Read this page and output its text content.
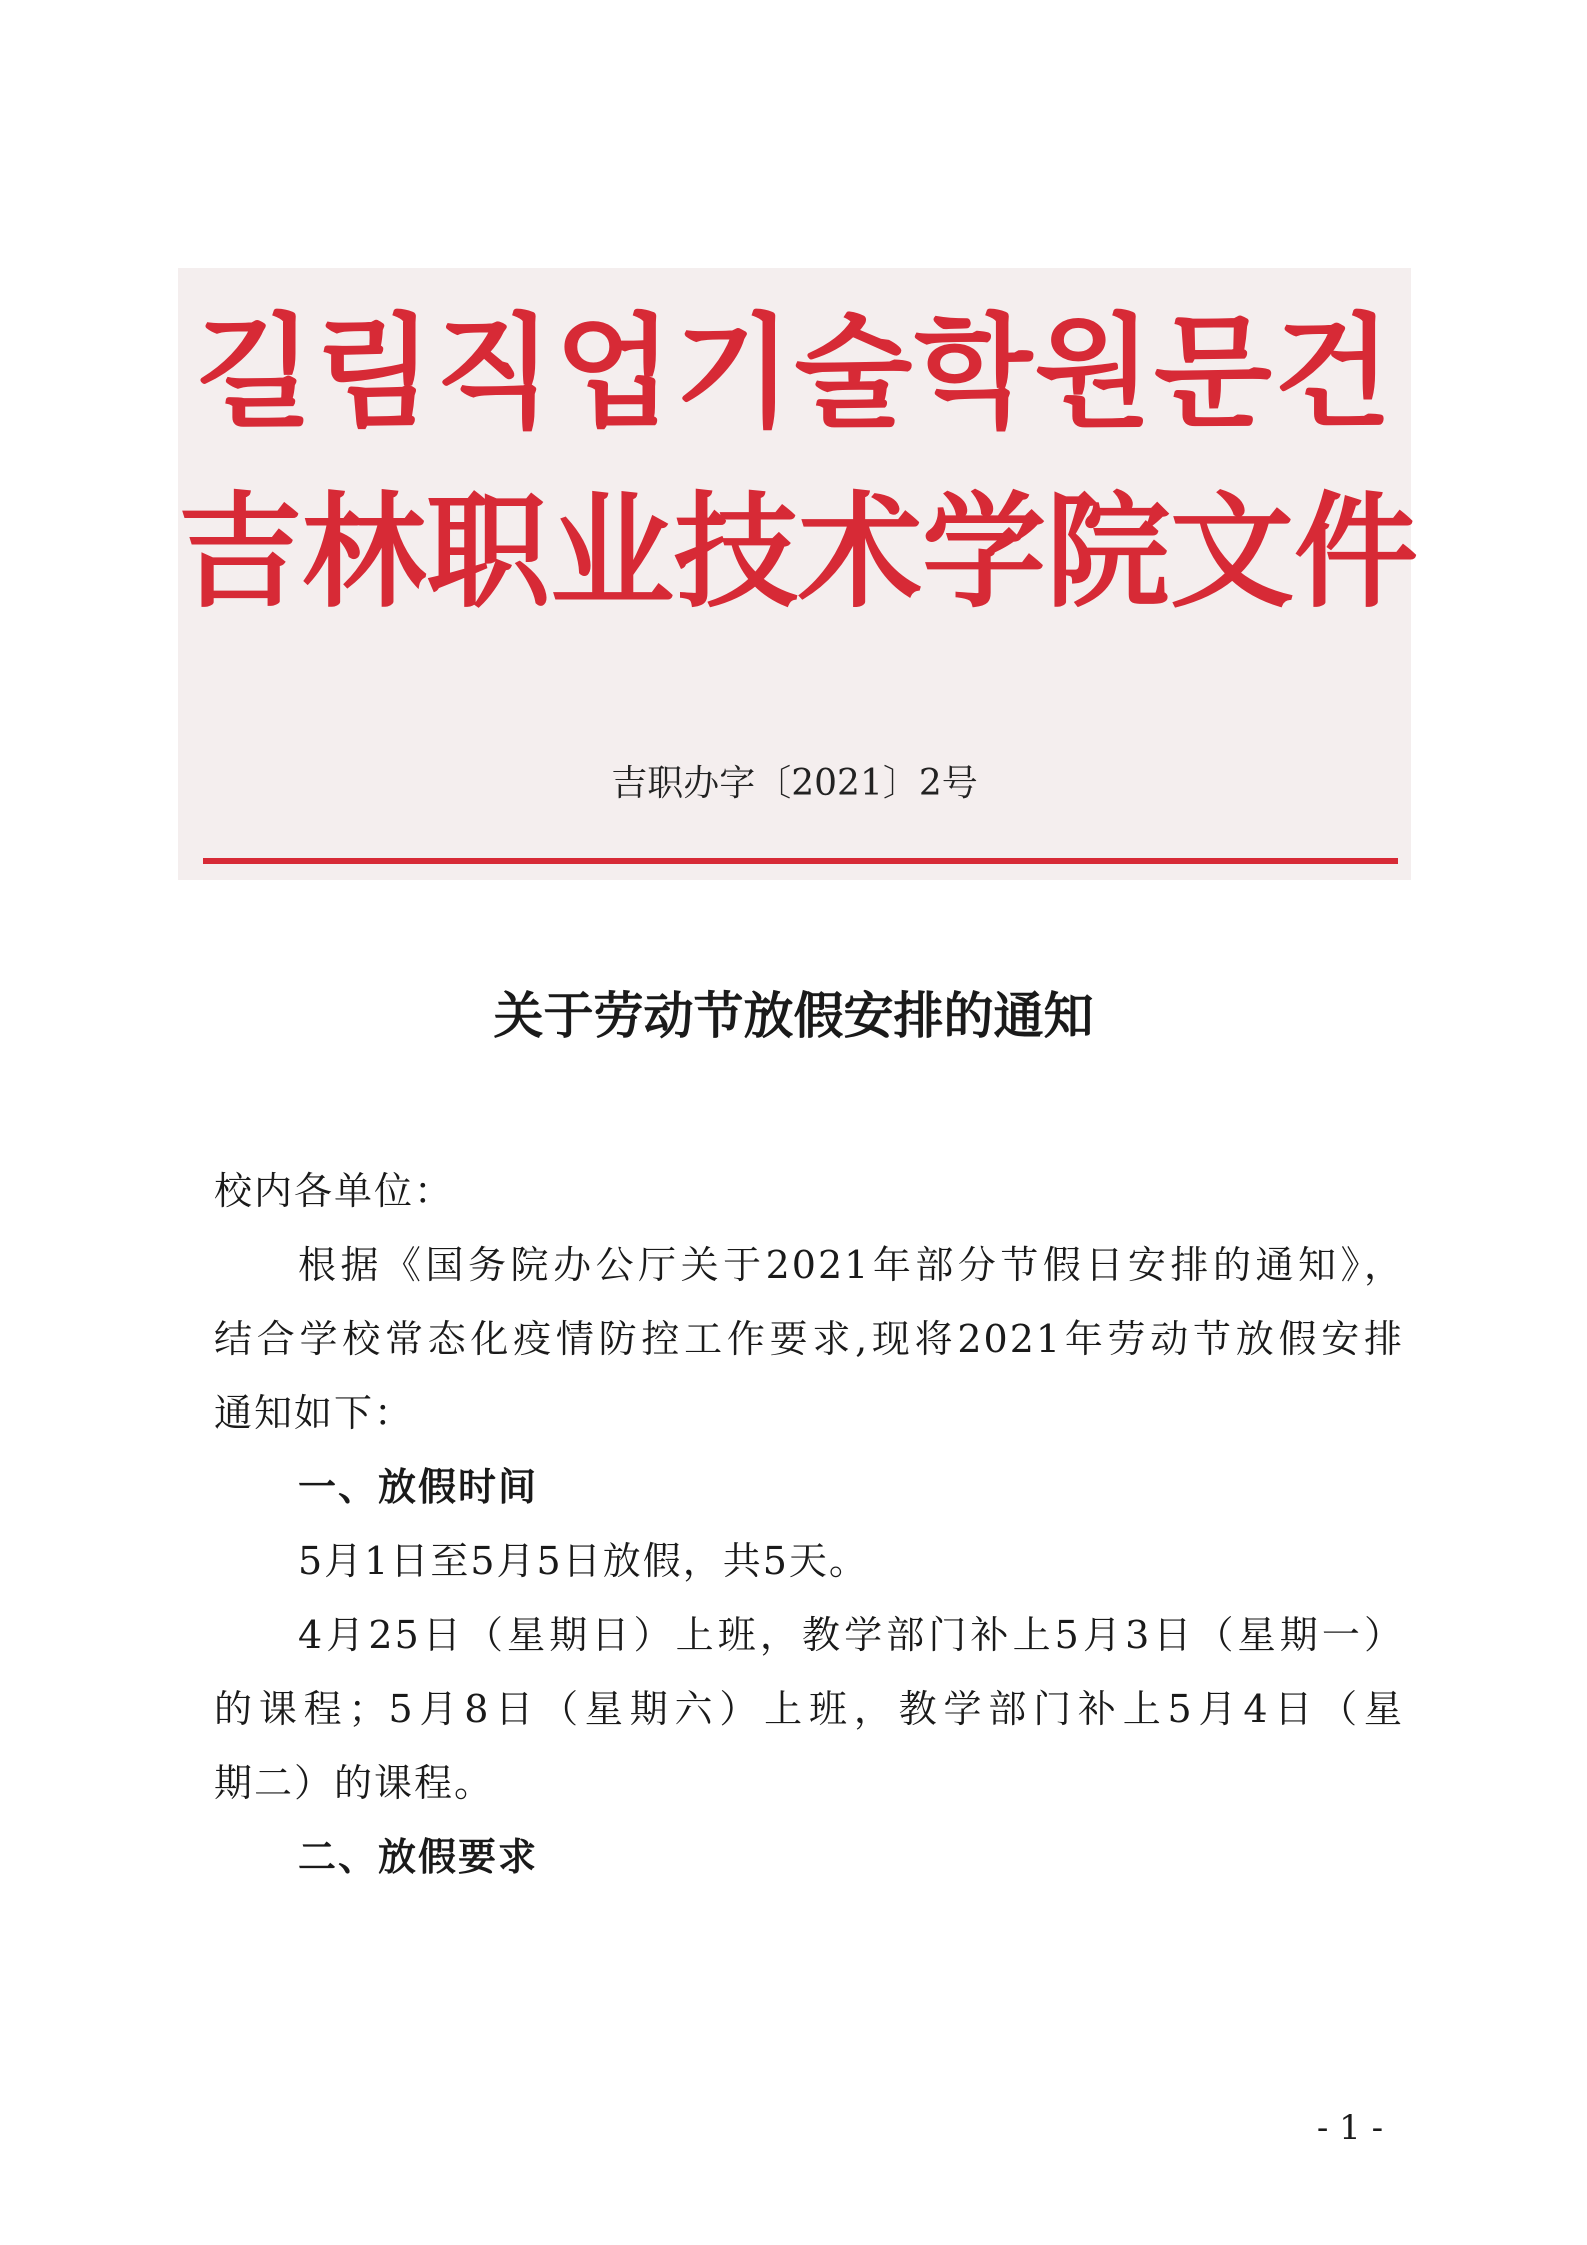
길림직업기술학원문건
吉林职业技术学院文件
吉职办字〔2021〕2号
关于劳动节放假安排的通知
校内各单位：
根据《国务院办公厅关于2021年部分节假日安排的通知》，
结合学校常态化疫情防控工作要求,现将2021年劳动节放假安排
通知如下：
一、放假时间
5月1日至5月5日放假，共5天。
4月25日（星期日）上班，教学部门补上5月3日（星期一）
的课程；5月8日（星期六）上班，教学部门补上5月4日（星
期二）的课程。
二、放假要求
- 1 -
